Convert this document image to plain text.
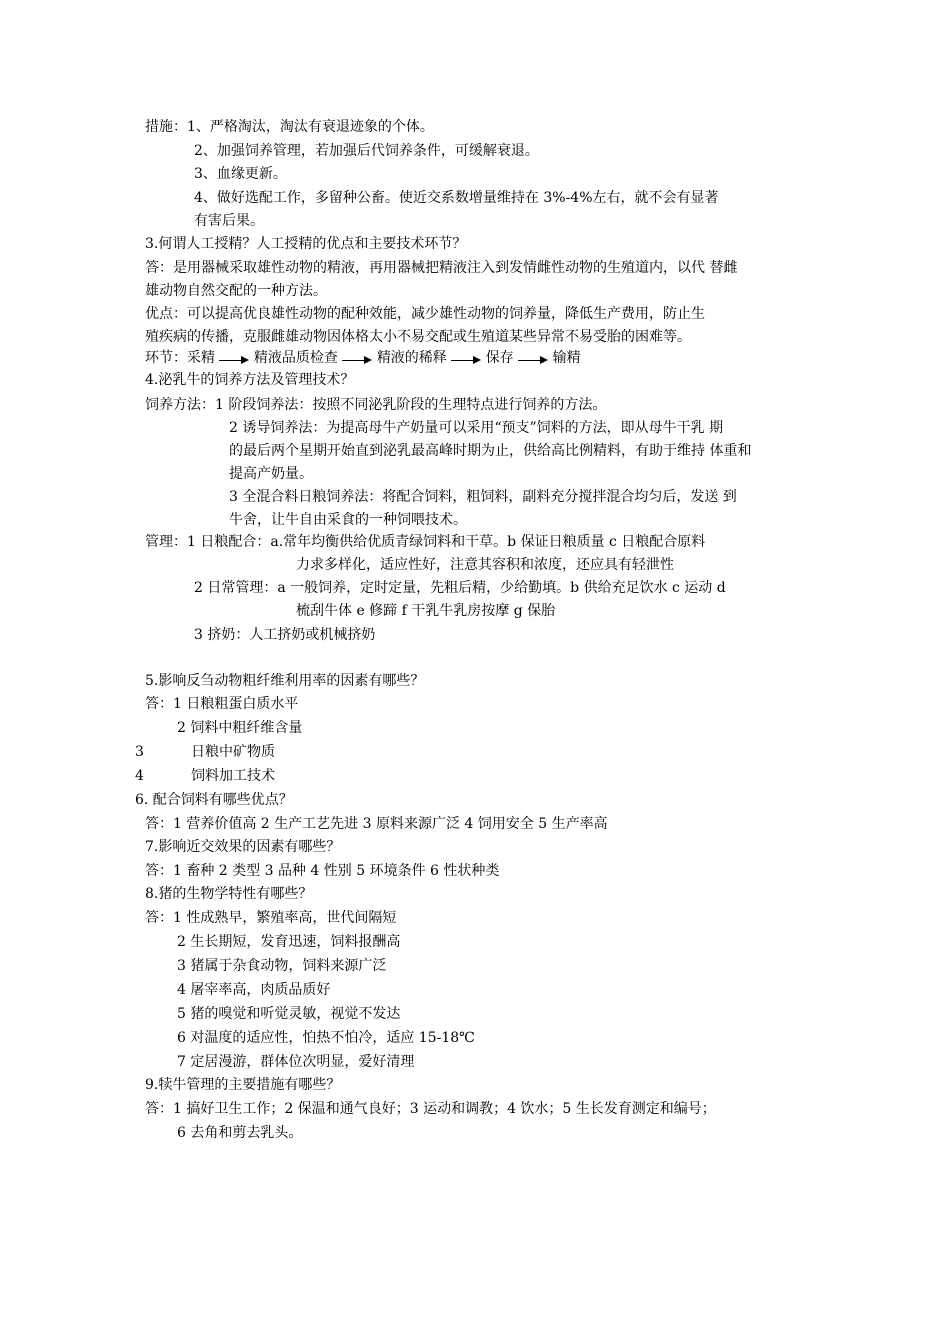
措施：1、严格淘汰，淘汰有衰退迹象的个体。
2、加强饲养管理，若加强后代饲养条件，可缓解衰退。
3、血缘更新。
4、做好选配工作，多留种公畜。使近交系数增量维持在 3%-4%左右，就不会有显著
有害后果。
3.何谓人工授精？人工授精的优点和主要技术环节？
答：是用器械采取雄性动物的精液，再用器械把精液注入到发情雌性动物的生殖道内，以代 替雌
雄动物自然交配的一种方法。
优点：可以提高优良雄性动物的配种效能，减少雄性动物的饲养量，降低生产费用，防止生
殖疾病的传播，克服雌雄动物因体格太小不易交配或生殖道某些异常不易受胎的困难等。
环节：采精	精液品质检查	精液的稀释	保存	输精
4.泌乳牛的饲养方法及管理技术？
饲养方法：1 阶段饲养法：按照不同泌乳阶段的生理特点进行饲养的方法。
2 诱导饲养法：为提高母牛产奶量可以采用“预支”饲料的方法，即从母牛干乳 期
的最后两个星期开始直到泌乳最高峰时期为止，供给高比例精料，有助于维持 体重和
提高产奶量。
3 全混合料日粮饲养法：将配合饲料，粗饲料，副料充分搅拌混合均匀后，发送 到
牛舍，让牛自由采食的一种饲喂技术。
管理：1 日粮配合：a.常年均衡供给优质青绿饲料和干草。b 保证日粮质量 c 日粮配合原料
力求多样化，适应性好，注意其容积和浓度，还应具有轻泄性
2 日常管理：a 一般饲养，定时定量，先粗后精，少给勤填。b 供给充足饮水 c 运动 d
梳刮牛体 e 修蹄 f 干乳牛乳房按摩 g 保胎
3 挤奶：人工挤奶或机械挤奶
5.影响反刍动物粗纤维利用率的因素有哪些？
答：1 日粮粗蛋白质水平
2 饲料中粗纤维含量
3	日粮中矿物质
4	饲料加工技术
6. 配合饲料有哪些优点？
答：1 营养价值高 2 生产工艺先进 3 原料来源广泛 4 饲用安全 5 生产率高
7.影响近交效果的因素有哪些？
答：1 畜种 2 类型 3 品种 4 性别 5 环境条件 6 性状种类
8.猪的生物学特性有哪些？
答：1 性成熟早，繁殖率高，世代间隔短
2 生长期短，发育迅速，饲料报酬高
3 猪属于杂食动物，饲料来源广泛
4 屠宰率高，肉质品质好
5 猪的嗅觉和听觉灵敏，视觉不发达
6 对温度的适应性，怕热不怕冷，适应 15-18℃
7 定居漫游，群体位次明显，爱好清理
9.犊牛管理的主要措施有哪些？
答：1 搞好卫生工作；2 保温和通气良好；3 运动和调教；4 饮水；5 生长发育测定和编号；
6 去角和剪去乳头。
